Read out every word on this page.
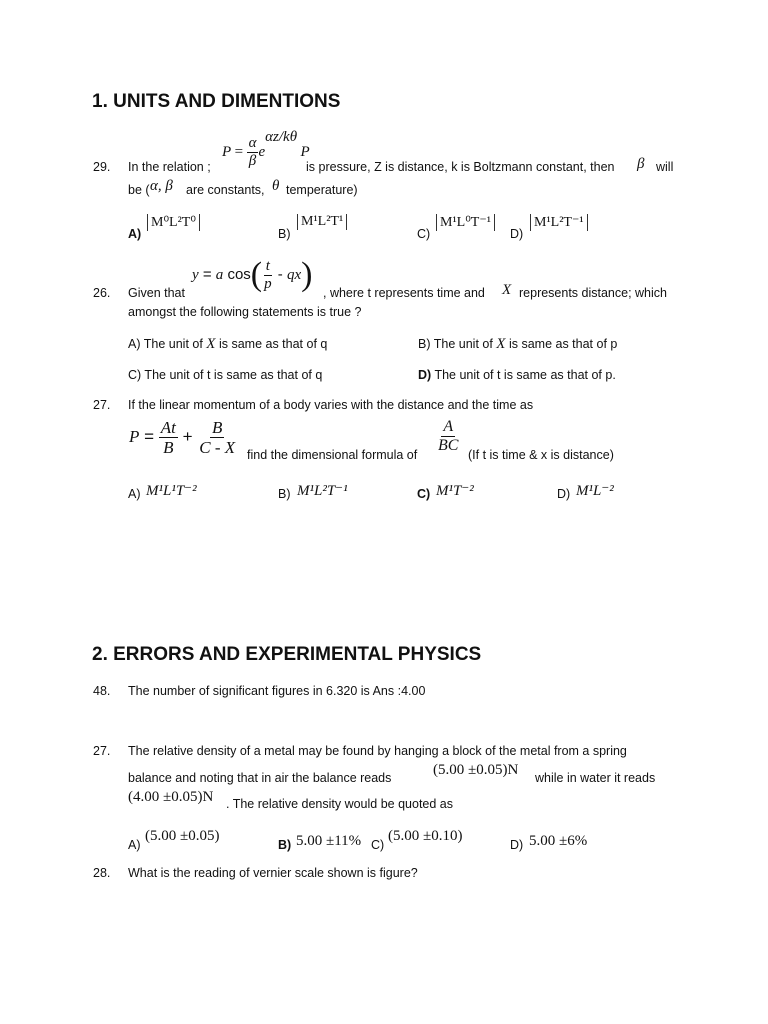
1. UNITS AND DIMENTIONS
$P = \frac{\alpha}{\beta} e^{\alpha z/k\theta}$ P
29. In the relation ;	is pressure, Z is distance, k is Boltzmann constant, then β will
be ( α, β are constants, θ temperature)
A)
M⁰L²T⁰
B)
M¹L²T¹
C)
M¹L⁰T⁻¹
D)
M¹L²T⁻¹
y = a $\cos( \frac{t}{p} - qx)$
26. Given that	, where t represents time and X represents distance; which
amongst the following statements is true ?
A) The unit of X is same as that of q	B) The unit of X is same as that of p
C) The unit of t is same as that of q	D) The unit of t is same as that of p.
27. If the linear momentum of a body varies with the distance and the time as
$P = \frac{At}{B} + \frac{B}{C - X}$ find the dimensional formula of
$\frac{A}{BC}$
(If t is time & x is distance)
A) M¹L¹T⁻²	B) M¹L²T⁻¹	C) M¹T⁻²	D) M¹L⁻²
2. ERRORS AND EXPERIMENTAL PHYSICS
48. The number of significant figures in 6.320 is Ans :4.00
27. The relative density of a metal may be found by hanging a block of the metal from a spring
balance and noting that in air the balance reads	(5.00 ±0.05)N while in water it reads
(4.00 ±0.05)N . The relative density would be quoted as
A)
(5.00 ±0.05)
B) 5.00 ±11% C)
(5.00 ±0.10)
D) 5.00 ±6%
28. What is the reading of vernier scale shown is figure?
